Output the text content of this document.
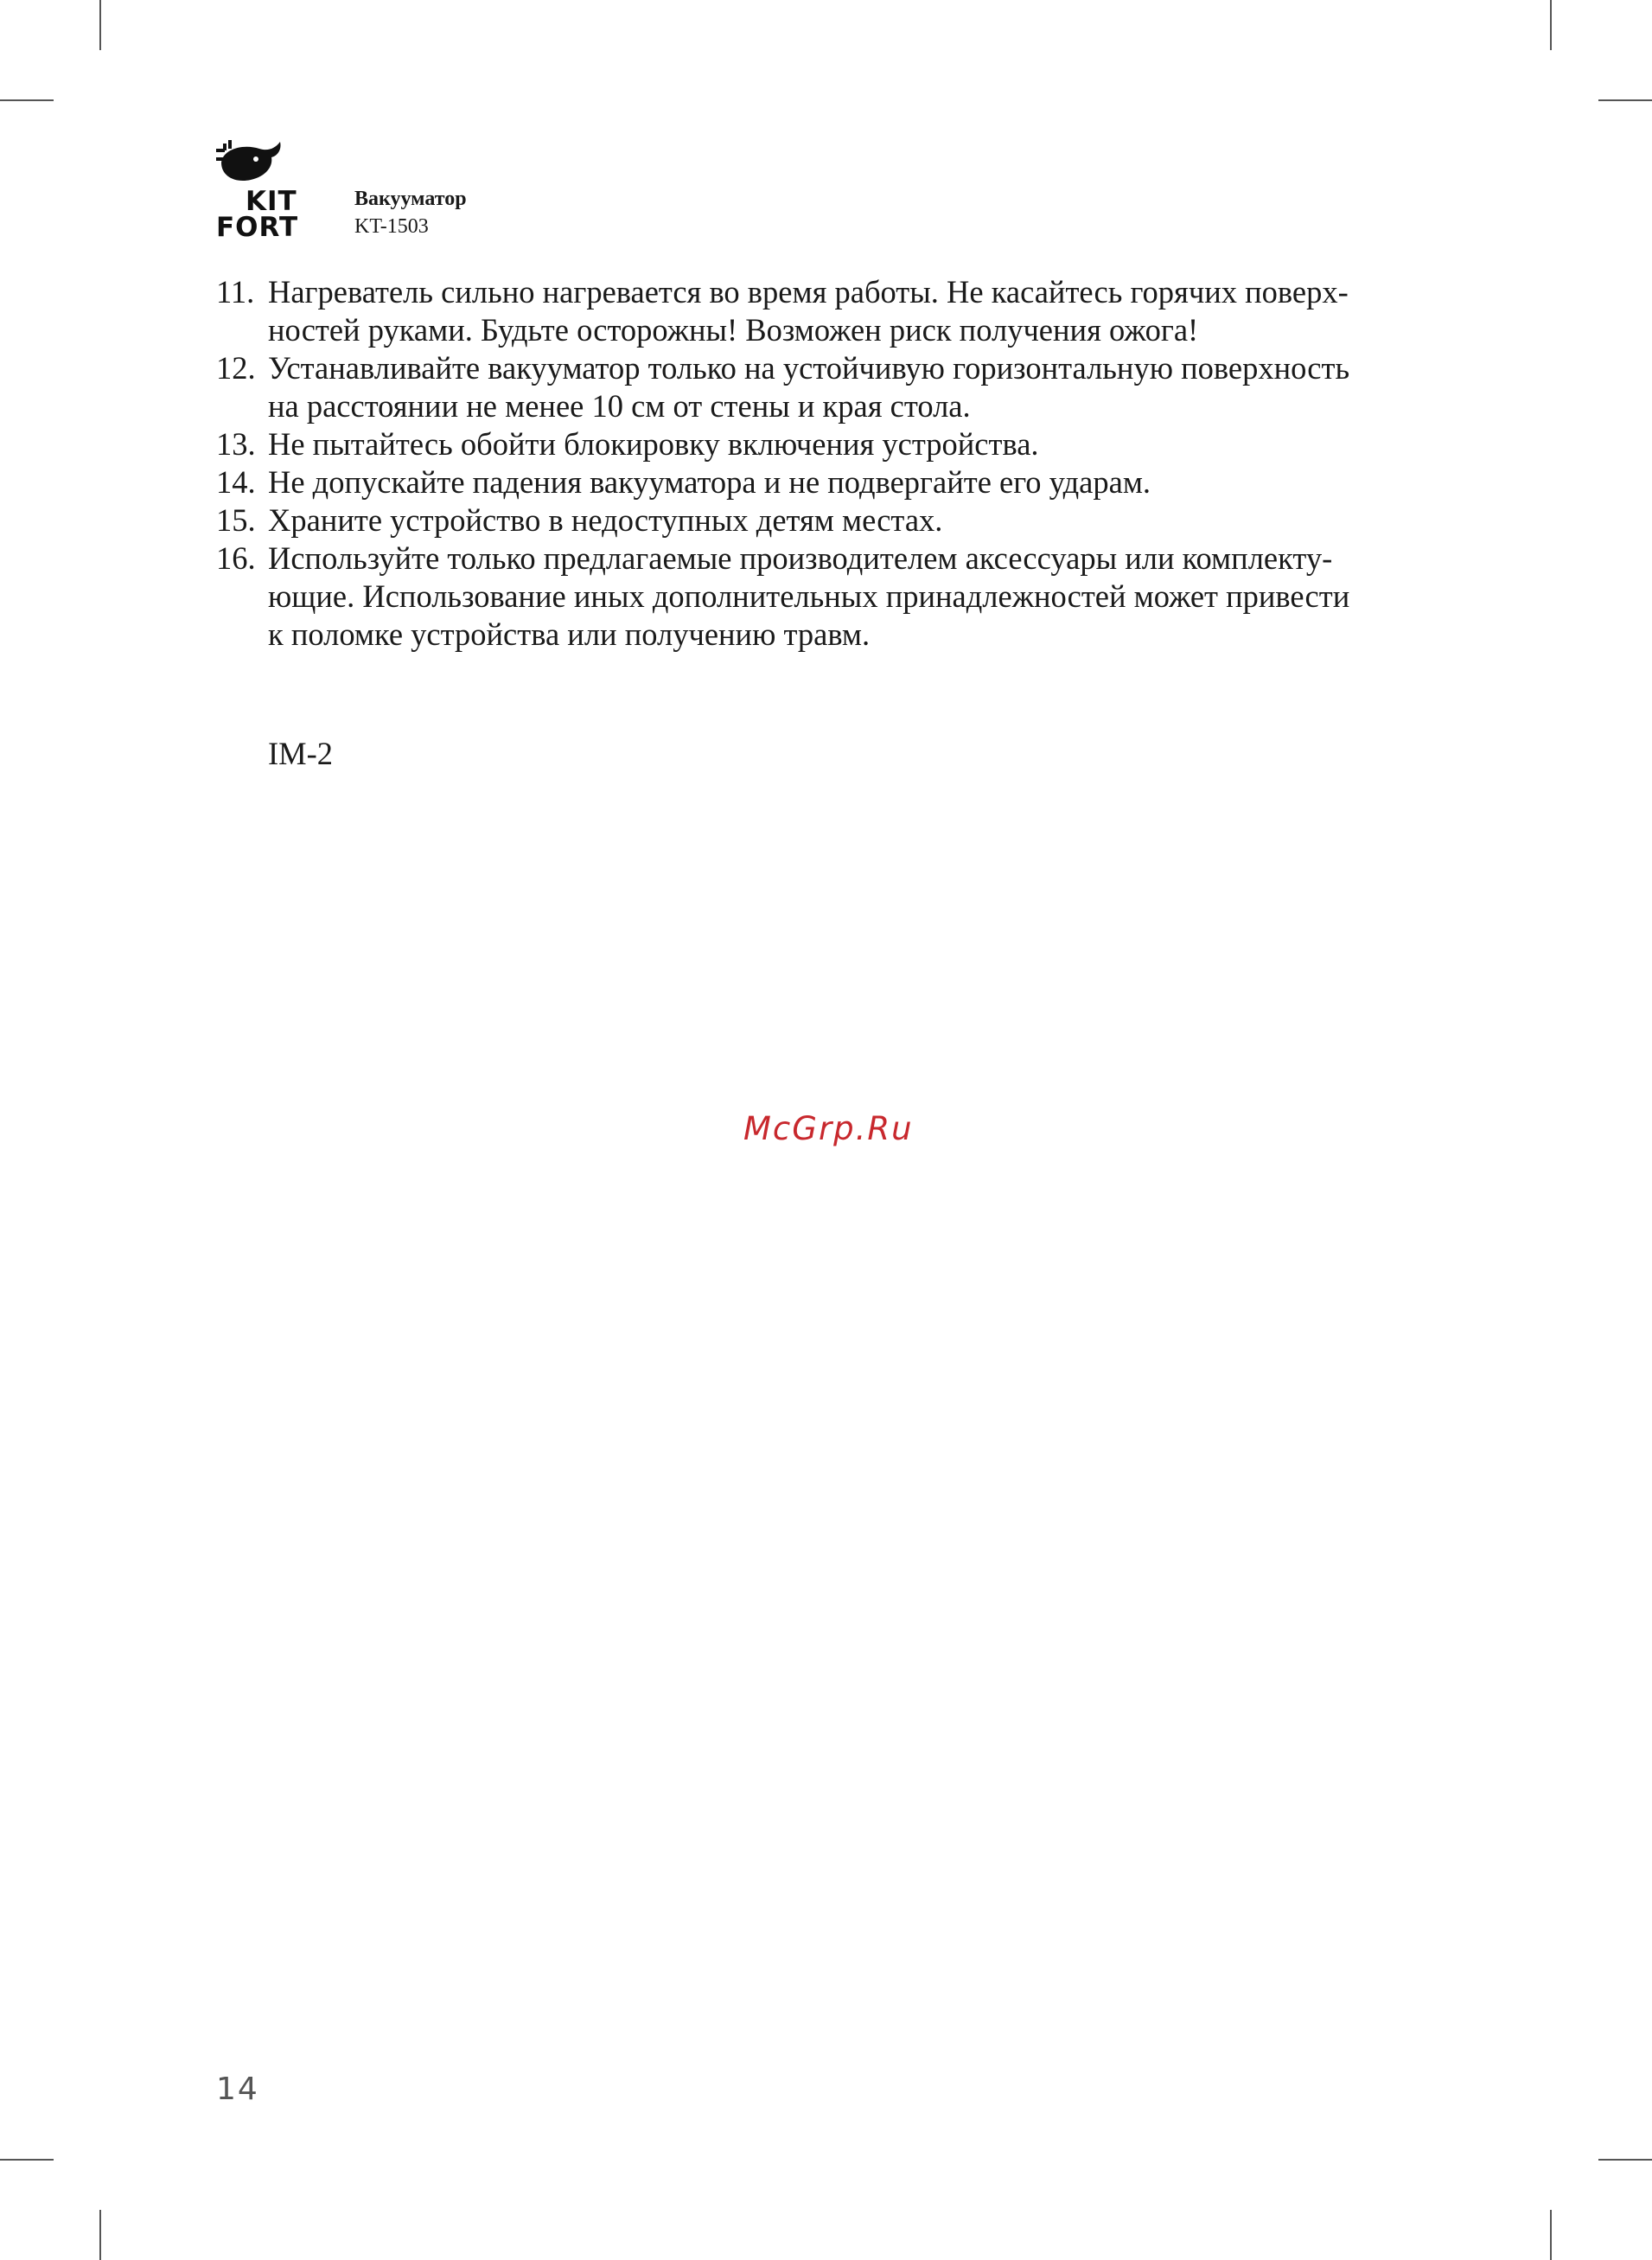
KIT
FORT
Вакууматор
KT-1503
11. Нагреватель сильно нагревается во время работы. Не касайтесь горячих поверх-
ностей руками. Будьте осторожны! Возможен риск получения ожога!
12. Устанавливайте вакууматор только на устойчивую горизонтальную поверхность
на расстоянии не менее 10 см от стены и края стола.
13. Не пытайтесь обойти блокировку включения устройства.
14. Не допускайте падения вакууматора и не подвергайте его ударам.
15. Храните устройство в недоступных детям местах.
16. Используйте только предлагаемые производителем аксессуары или комплекту-
ющие. Использование иных дополнительных принадлежностей может привести
к поломке устройства или получению травм.
IM-2
McGrp.Ru
14
